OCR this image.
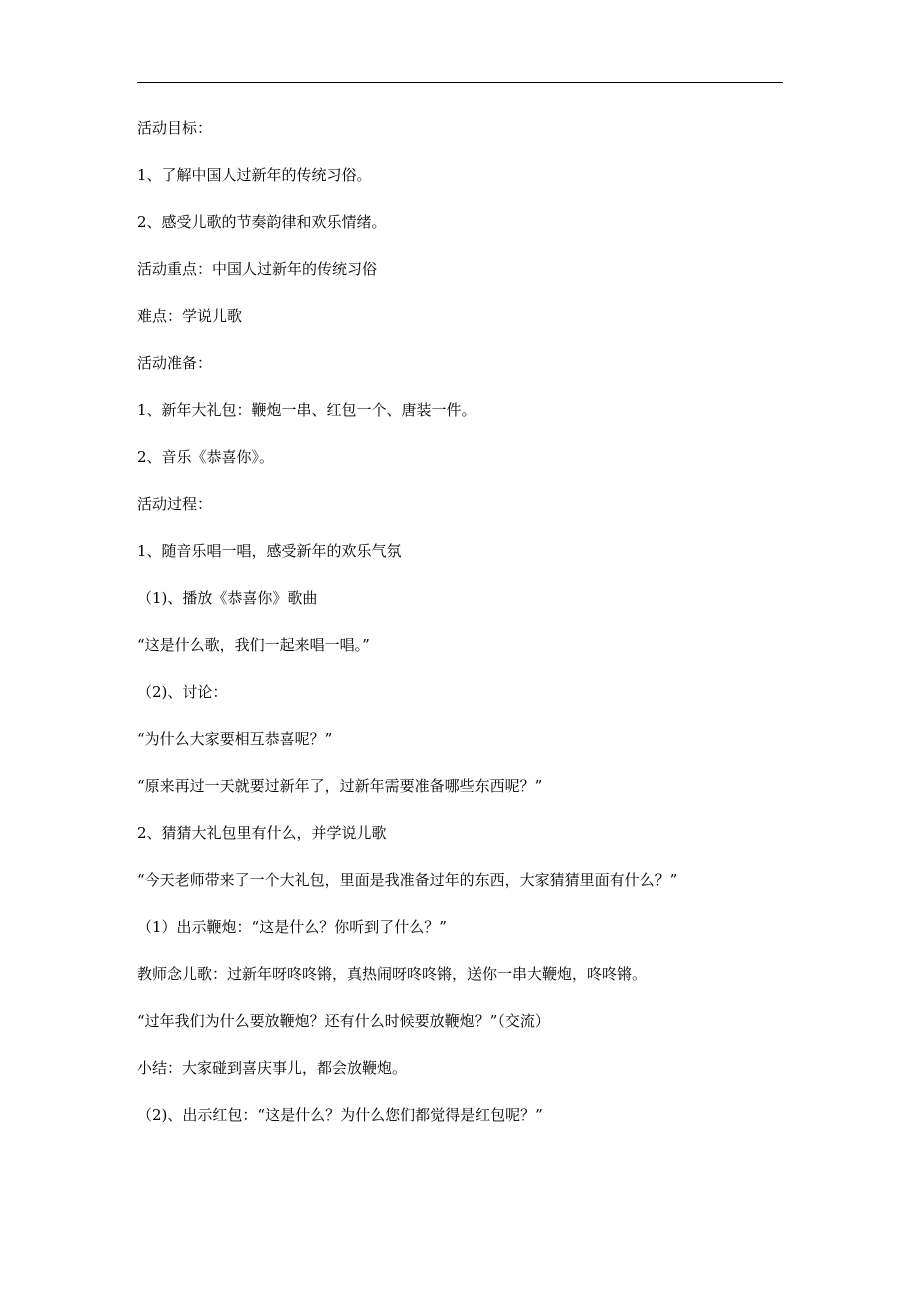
活动目标：
1、了解中国人过新年的传统习俗。
2、感受儿歌的节奏韵律和欢乐情绪。
活动重点：中国人过新年的传统习俗
难点：学说儿歌
活动准备：
1、新年大礼包：鞭炮一串、红包一个、唐装一件。
2、音乐《恭喜你》。
活动过程：
1、随音乐唱一唱，感受新年的欢乐气氛
（1)、播放《恭喜你》歌曲
“这是什么歌，我们一起来唱一唱。”
（2)、讨论：
“为什么大家要相互恭喜呢？”
“原来再过一天就要过新年了，过新年需要准备哪些东西呢？”
2、猜猜大礼包里有什么，并学说儿歌
“今天老师带来了一个大礼包，里面是我准备过年的东西，大家猜猜里面有什么？”
（1）出示鞭炮：“这是什么？你听到了什么？”
教师念儿歌：过新年呀咚咚锵，真热闹呀咚咚锵，送你一串大鞭炮，咚咚锵。
“过年我们为什么要放鞭炮？还有什么时候要放鞭炮？”（交流）
小结：大家碰到喜庆事儿，都会放鞭炮。
（2)、出示红包：“这是什么？为什么您们都觉得是红包呢？”
